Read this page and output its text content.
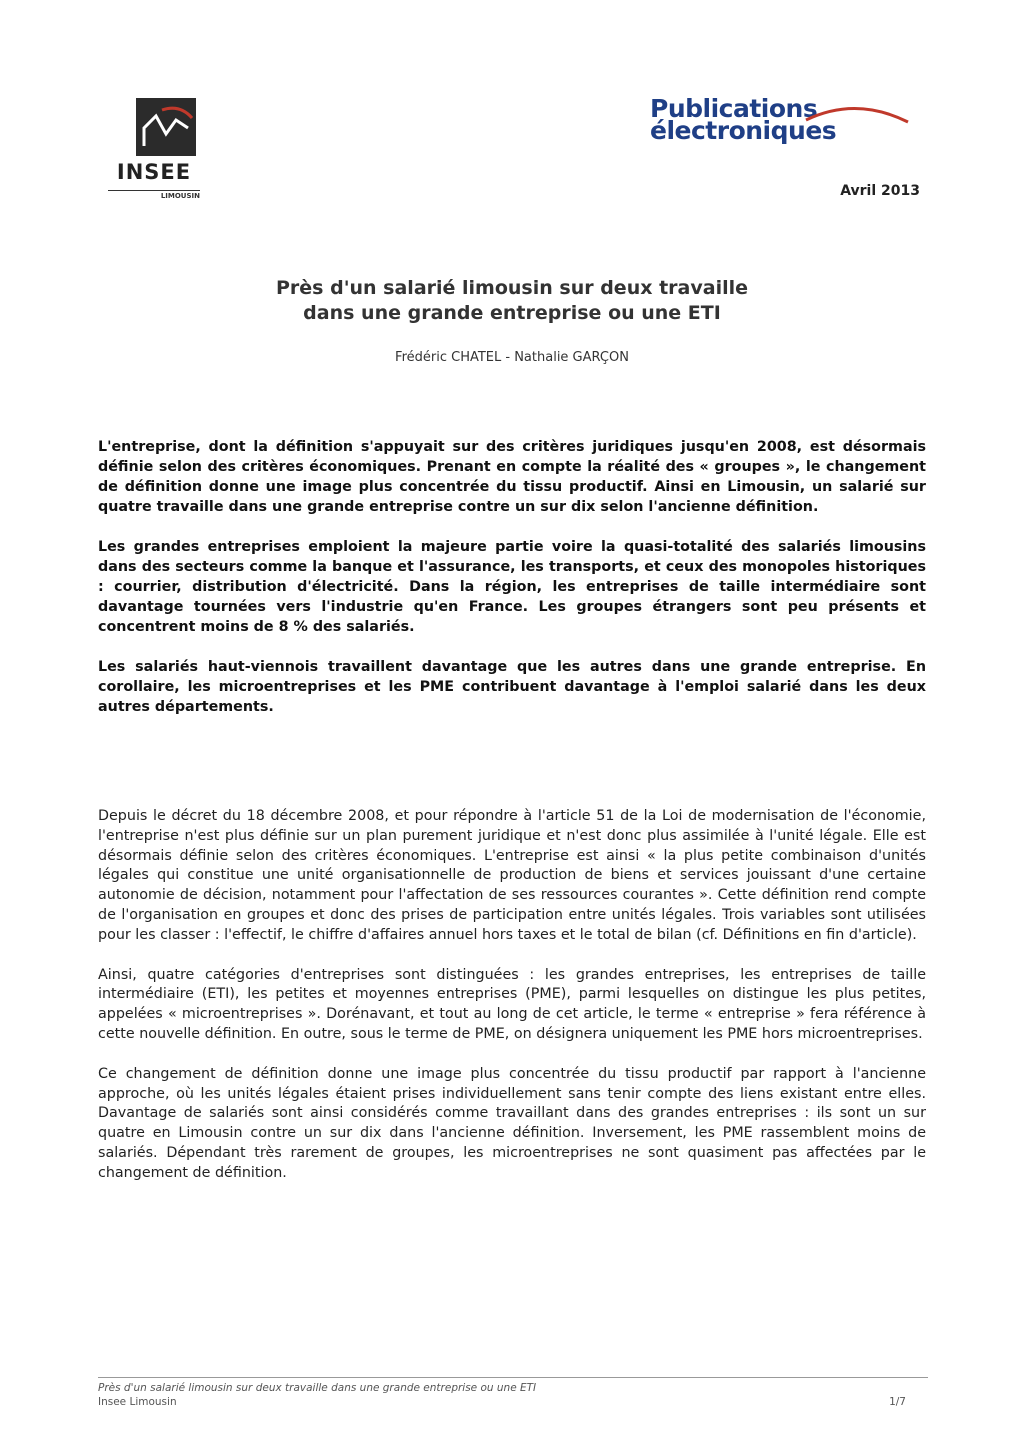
INSEE
LIMOUSIN
Publications
électroniques
Avril 2013
Près d'un salarié limousin sur deux travaille
dans une grande entreprise ou une ETI
Frédéric CHATEL - Nathalie GARÇON

L'entreprise, dont la définition s'appuyait sur des critères juridiques jusqu'en 2008, est désormais définie selon des critères économiques. Prenant en compte la réalité des « groupes », le changement de définition donne une image plus concentrée du tissu productif. Ainsi en Limousin, un salarié sur quatre travaille dans une grande entreprise contre un sur dix selon l'ancienne définition.

Les grandes entreprises emploient la majeure partie voire la quasi-totalité des salariés limousins dans des secteurs comme la banque et l'assurance, les transports, et ceux des monopoles historiques : courrier, distribution d'électricité. Dans la région, les entreprises de taille intermédiaire sont davantage tournées vers l'industrie qu'en France. Les groupes étrangers sont peu présents et concentrent moins de 8 % des salariés.

Les salariés haut-viennois travaillent davantage que les autres dans une grande entreprise. En corollaire, les microentreprises et les PME contribuent davantage à l'emploi salarié dans les deux autres départements.

Depuis le décret du 18 décembre 2008, et pour répondre à l'article 51 de la Loi de modernisation de l'économie, l'entreprise n'est plus définie sur un plan purement juridique et n'est donc plus assimilée à l'unité légale. Elle est désormais définie selon des critères économiques. L'entreprise est ainsi « la plus petite combinaison d'unités légales qui constitue une unité organisationnelle de production de biens et services jouissant d'une certaine autonomie de décision, notamment pour l'affectation de ses ressources courantes ». Cette définition rend compte de l'organisation en groupes et donc des prises de participation entre unités légales. Trois variables sont utilisées pour les classer : l'effectif, le chiffre d'affaires annuel hors taxes et le total de bilan (cf. Définitions en fin d'article).

Ainsi, quatre catégories d'entreprises sont distinguées : les grandes entreprises, les entreprises de taille intermédiaire (ETI), les petites et moyennes entreprises (PME), parmi lesquelles on distingue les plus petites, appelées « microentreprises ». Dorénavant, et tout au long de cet article, le terme « entreprise » fera référence à cette nouvelle définition. En outre, sous le terme de PME, on désignera uniquement les PME hors microentreprises.

Ce changement de définition donne une image plus concentrée du tissu productif par rapport à l'ancienne approche, où les unités légales étaient prises individuellement sans tenir compte des liens existant entre elles. Davantage de salariés sont ainsi considérés comme travaillant dans des grandes entreprises : ils sont un sur quatre en Limousin contre un sur dix dans l'ancienne définition. Inversement, les PME rassemblent moins de salariés. Dépendant très rarement de groupes, les microentreprises ne sont quasiment pas affectées par le changement de définition.

Près d'un salarié limousin sur deux travaille dans une grande entreprise ou une ETI
Insee Limousin	1/7
